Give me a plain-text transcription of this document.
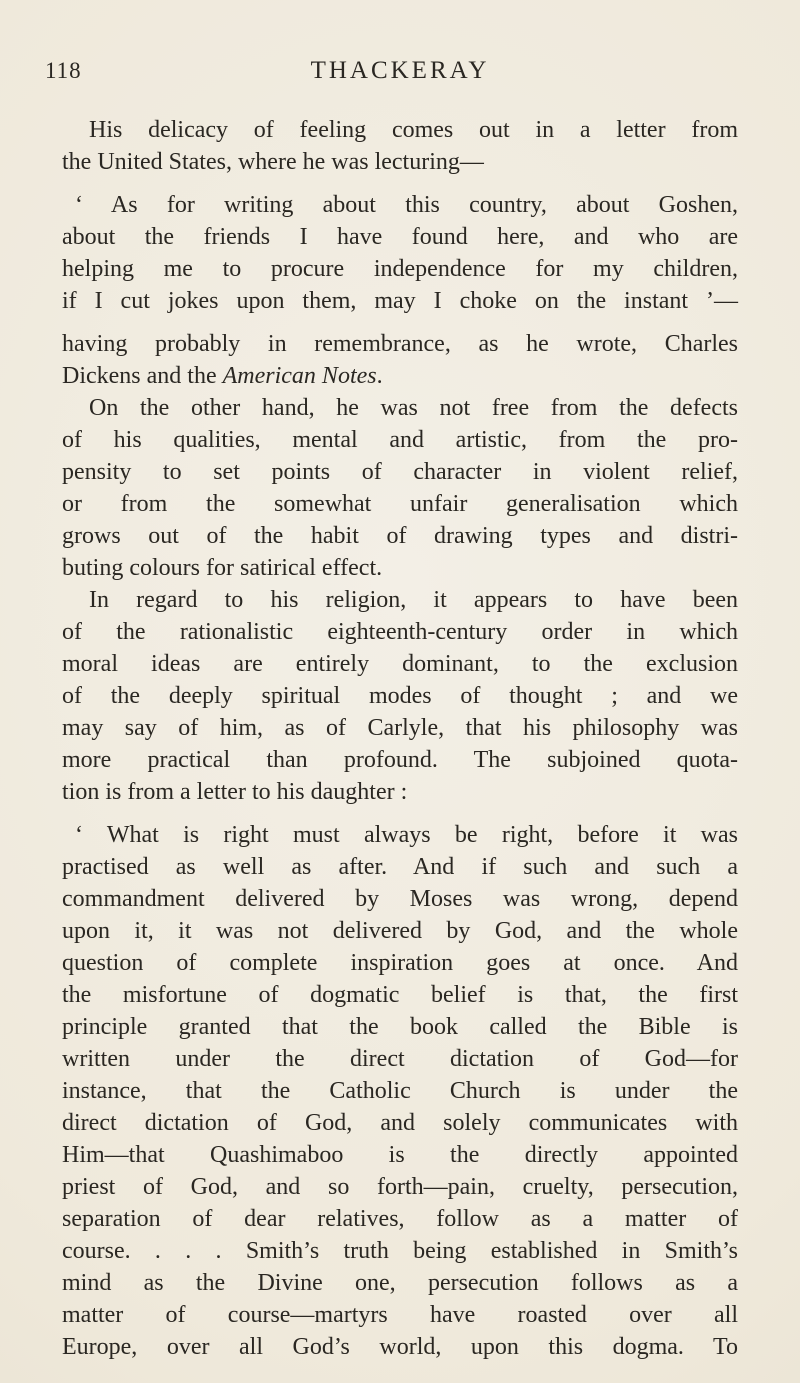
118	THACKERAY
His delicacy of feeling comes out in a letter from
the United States, where he was lecturing—
‘ As for writing about this country, about Goshen,
about the friends I have found here, and who are
helping me to procure independence for my children,
if I cut jokes upon them, may I choke on the instant ’—
having probably in remembrance, as he wrote, Charles
Dickens and the American Notes.
On the other hand, he was not free from the defects
of his qualities, mental and artistic, from the pro-
pensity to set points of character in violent relief,
or from the somewhat unfair generalisation which
grows out of the habit of drawing types and distri-
buting colours for satirical effect.
In regard to his religion, it appears to have been
of the rationalistic eighteenth-century order in which
moral ideas are entirely dominant, to the exclusion
of the deeply spiritual modes of thought ; and we
may say of him, as of Carlyle, that his philosophy was
more practical than profound. The subjoined quota-
tion is from a letter to his daughter :
‘ What is right must always be right, before it was
practised as well as after. And if such and such a
commandment delivered by Moses was wrong, depend
upon it, it was not delivered by God, and the whole
question of complete inspiration goes at once. And
the misfortune of dogmatic belief is that, the first
principle granted that the book called the Bible is
written under the direct dictation of God—for
instance, that the Catholic Church is under the
direct dictation of God, and solely communicates with
Him—that Quashimaboo is the directly appointed
priest of God, and so forth—pain, cruelty, persecution,
separation of dear relatives, follow as a matter of
course. . . . Smith’s truth being established in Smith’s
mind as the Divine one, persecution follows as a
matter of course—martyrs have roasted over all
Europe, over all God’s world, upon this dogma. To
